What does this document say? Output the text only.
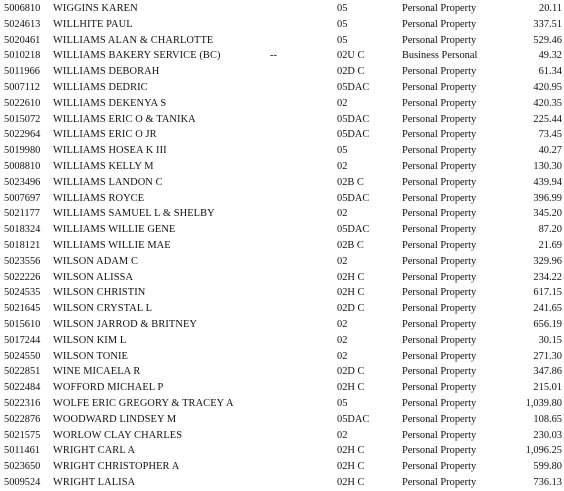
5006810 WIGGINS KAREN	05	Personal Property	20.11
5024613 WILLHITE PAUL	05	Personal Property	337.51
5020461 WILLIAMS ALAN & CHARLOTTE	05	Personal Property	529.46
5010218 WILLIAMS BAKERY SERVICE (BC)	--	02U C	Business Personal	49.32
5011966 WILLIAMS DEBORAH	02D C	Personal Property	61.34
5007112 WILLIAMS DEDRIC	05DAC	Personal Property	420.95
5022610 WILLIAMS DEKENYA S	02	Personal Property	420.35
5015072 WILLIAMS ERIC O & TANIKA	05DAC	Personal Property	225.44
5022964 WILLIAMS ERIC O JR	05DAC	Personal Property	73.45
5019980 WILLIAMS HOSEA K III	05	Personal Property	40.27
5008810 WILLIAMS KELLY M	02	Personal Property	130.30
5023496 WILLIAMS LANDON C	02B C	Personal Property	439.94
5007697 WILLIAMS ROYCE	05DAC	Personal Property	396.99
5021177 WILLIAMS SAMUEL L & SHELBY	02	Personal Property	345.20
5018324 WILLIAMS WILLIE GENE	05DAC	Personal Property	87.20
5018121 WILLIAMS WILLIE MAE	02B C	Personal Property	21.69
5023556 WILSON ADAM C	02	Personal Property	329.96
5022226 WILSON ALISSA	02H C	Personal Property	234.22
5024535 WILSON CHRISTIN	02H C	Personal Property	617.15
5021645 WILSON CRYSTAL L	02D C	Personal Property	241.65
5015610 WILSON JARROD & BRITNEY	02	Personal Property	656.19
5017244 WILSON KIM L	02	Personal Property	30.15
5024550 WILSON TONIE	02	Personal Property	271.30
5022851 WINE MICAELA R	02D C	Personal Property	347.86
5022484 WOFFORD MICHAEL P	02H C	Personal Property	215.01
5022316 WOLFE ERIC GREGORY & TRACEY A	05	Personal Property	1,039.80
5022876 WOODWARD LINDSEY M	05DAC	Personal Property	108.65
5021575 WORLOW CLAY CHARLES	02	Personal Property	230.03
5011461 WRIGHT CARL A	02H C	Personal Property	1,096.25
5023650 WRIGHT CHRISTOPHER A	02H C	Personal Property	599.80
5009524 WRIGHT LALISA	02H C	Personal Property	736.13
